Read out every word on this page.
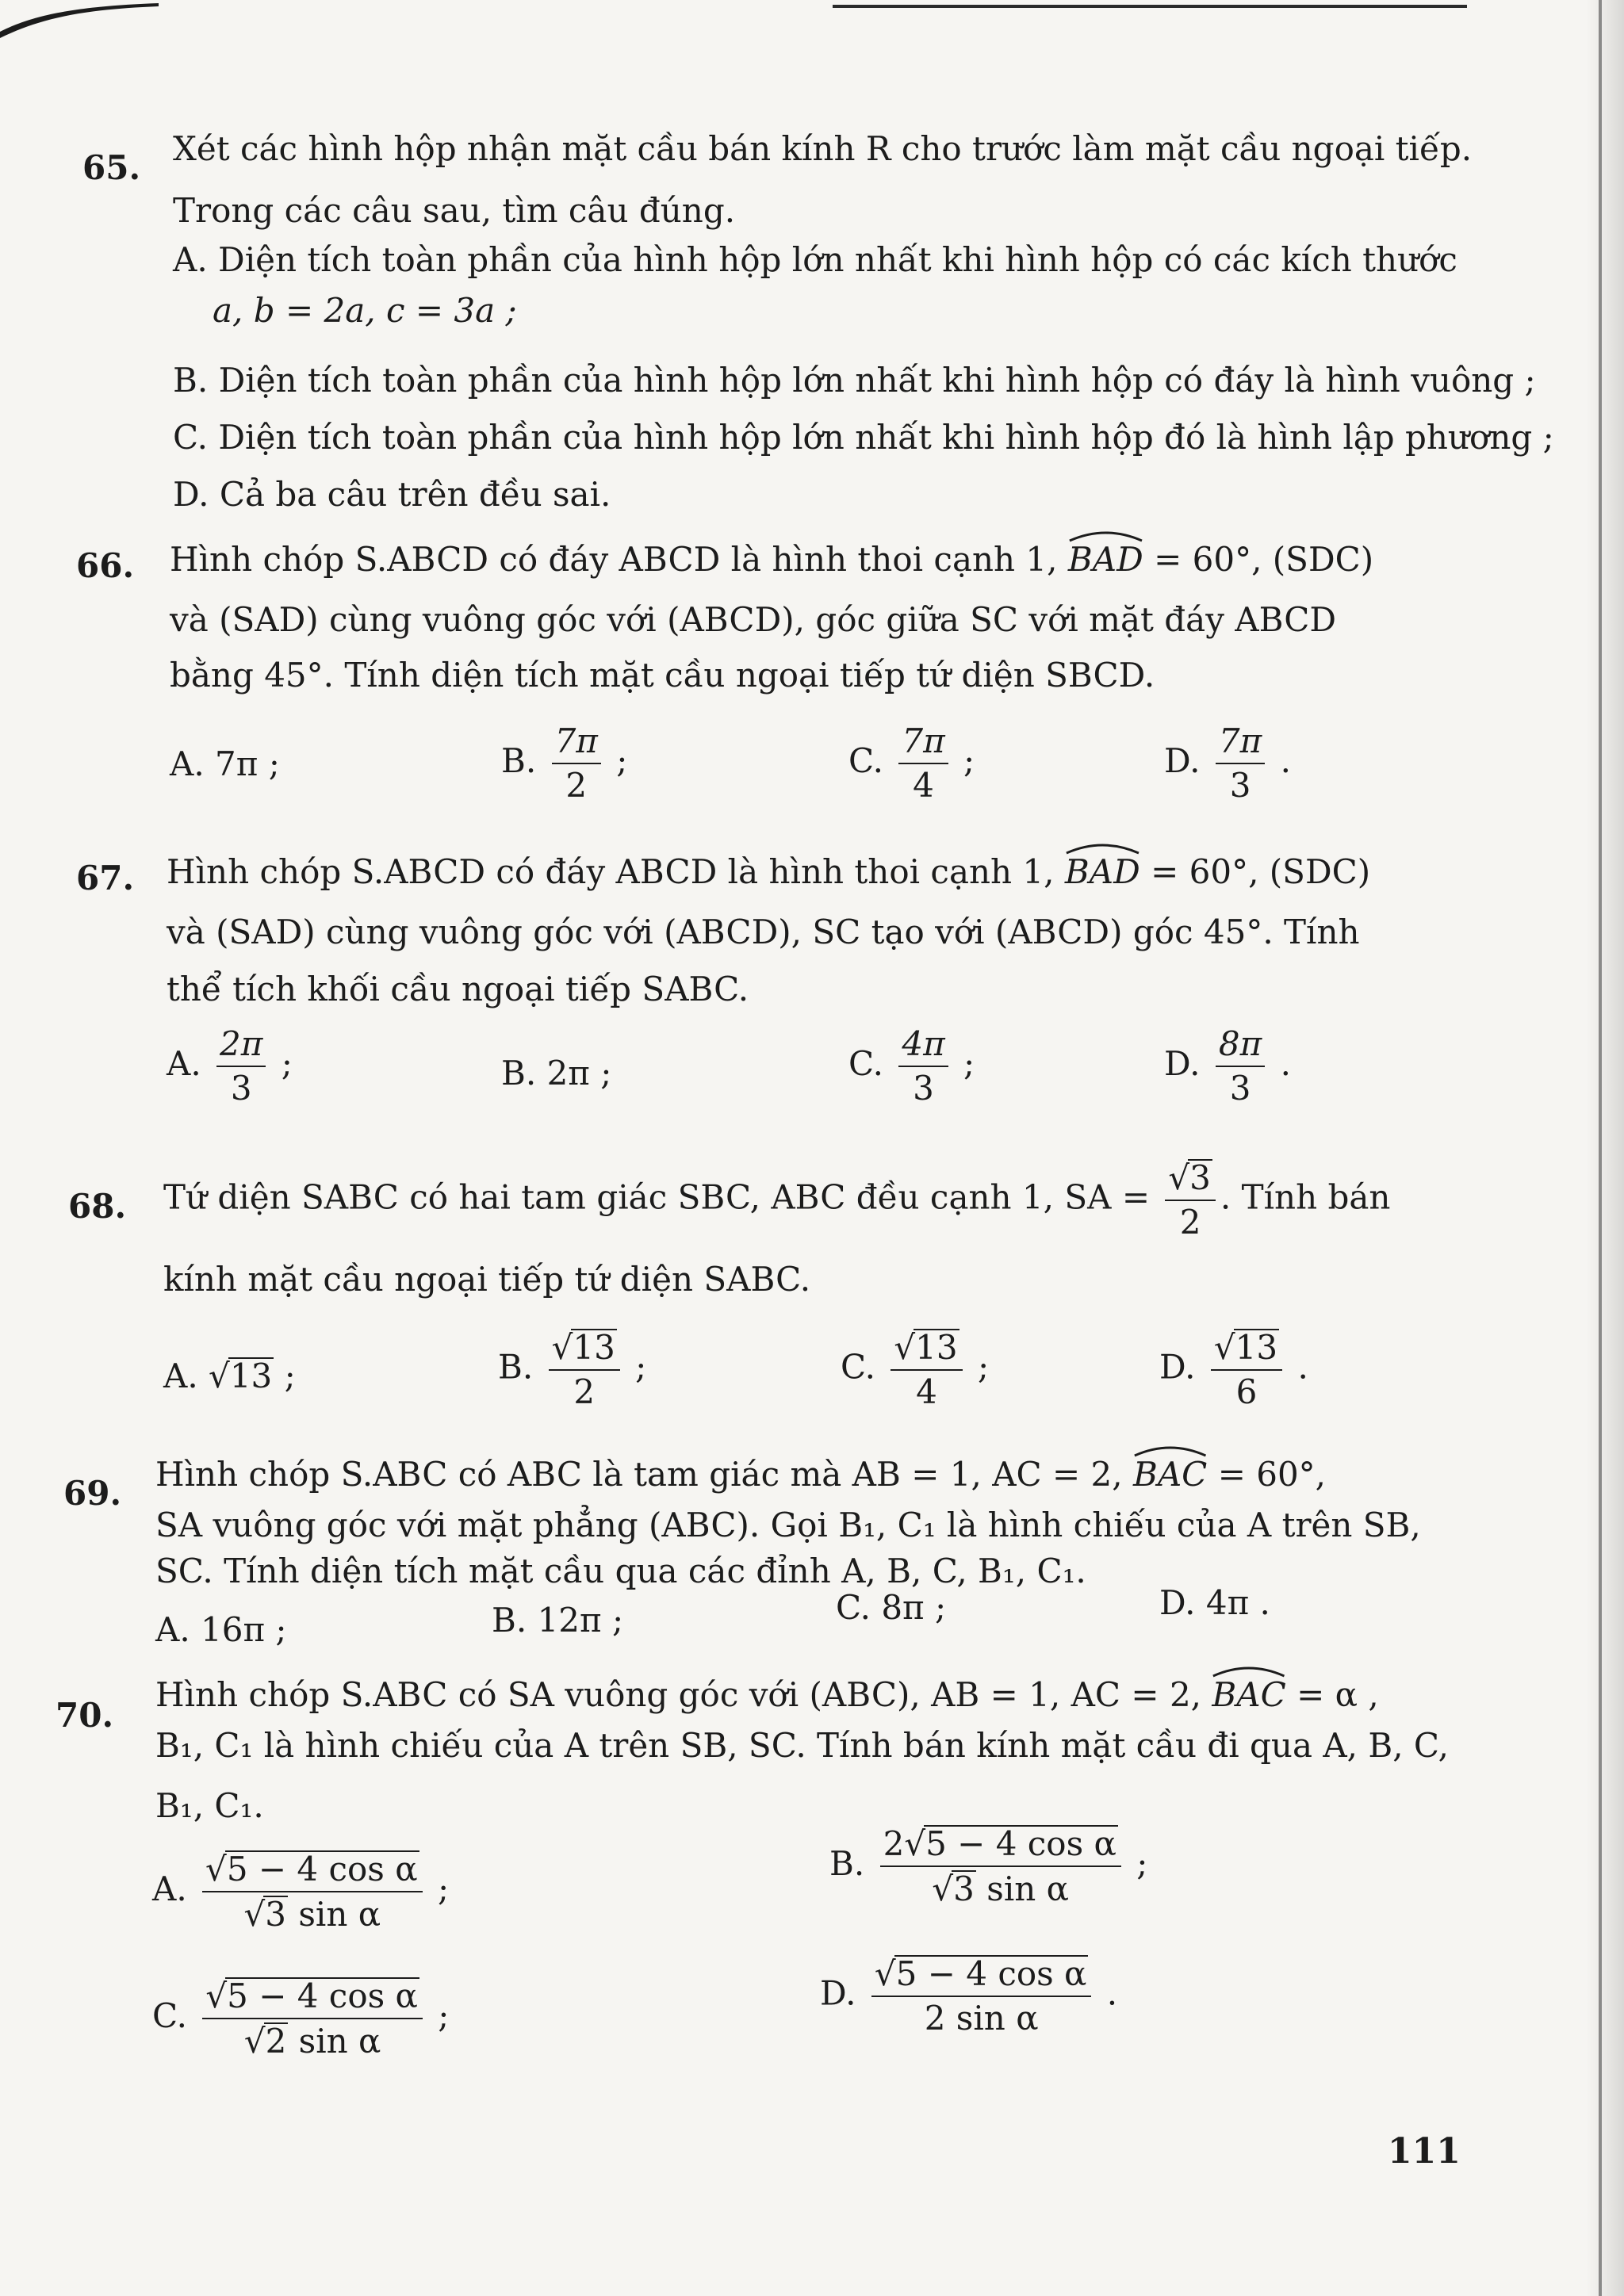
65. Xét các hình hộp nhận mặt cầu bán kính R cho trước làm mặt cầu ngoại tiếp.
Trong các câu sau, tìm câu đúng.
A. Diện tích toàn phần của hình hộp lớn nhất khi hình hộp có các kích thước
a, b = 2a, c = 3a ;
B. Diện tích toàn phần của hình hộp lớn nhất khi hình hộp có đáy là hình vuông ;
C. Diện tích toàn phần của hình hộp lớn nhất khi hình hộp đó là hình lập phương ;
D. Cả ba câu trên đều sai.
66. Hình chóp S.ABCD có đáy ABCD là hình thoi cạnh 1, BAD = 60°, (SDC)
và (SAD) cùng vuông góc với (ABCD), góc giữa SC với mặt đáy ABCD
bằng 45°. Tính diện tích mặt cầu ngoại tiếp tứ diện SBCD.
A. 7π ;	B. $\frac{7\pi}{2}$ ;	C. $\frac{7\pi}{4}$ ;	D. $\frac{7\pi}{3}$ .
67. Hình chóp S.ABCD có đáy ABCD là hình thoi cạnh 1, BAD = 60°, (SDC)
và (SAD) cùng vuông góc với (ABCD), SC tạo với (ABCD) góc 45°. Tính
thể tích khối cầu ngoại tiếp SABC.
A. $\frac{2\pi}{3}$ ;	B. 2π ;	C. $\frac{4\pi}{3}$ ;	D. $\frac{8\pi}{3}$ .
68. Tứ diện SABC có hai tam giác SBC, ABC đều cạnh 1, SA = $\frac{√3}{2}$ . Tính bán
kính mặt cầu ngoại tiếp tứ diện SABC.
A. √13 ;	B. $\frac{√13}{2}$ ;	C. $\frac{√13}{4}$ ;	D. $\frac{√13}{6}$ .
69. Hình chóp S.ABC có ABC là tam giác mà AB = 1, AC = 2, BAC = 60°,
SA vuông góc với mặt phẳng (ABC). Gọi B₁, C₁ là hình chiếu của A trên SB,
SC. Tính diện tích mặt cầu qua các đỉnh A, B, C, B₁, C₁.
A. 16π ;	B. 12π ;	C. 8π ;	D. 4π .
70.
Hình chóp S.ABC có SA vuông góc với (ABC), AB = 1, AC = 2, BAC = α ,
B₁, C₁ là hình chiếu của A trên SB, SC. Tính bán kính mặt cầu đi qua A, B, C,
B₁, C₁.
A. $\frac{\text{√5 − 4 cos α}}{\text{√3 sin α}}$ ;
B. $\frac{\text{2√5 − 4 cos α}}{\text{√3 sin α}}$ ;
C. $\frac{\text{√5 − 4 cos α}}{\text{√2 sin α}}$ ;
D. $\frac{\text{√5 − 4 cos α}}{\text{2 sin α}}$ .
111
